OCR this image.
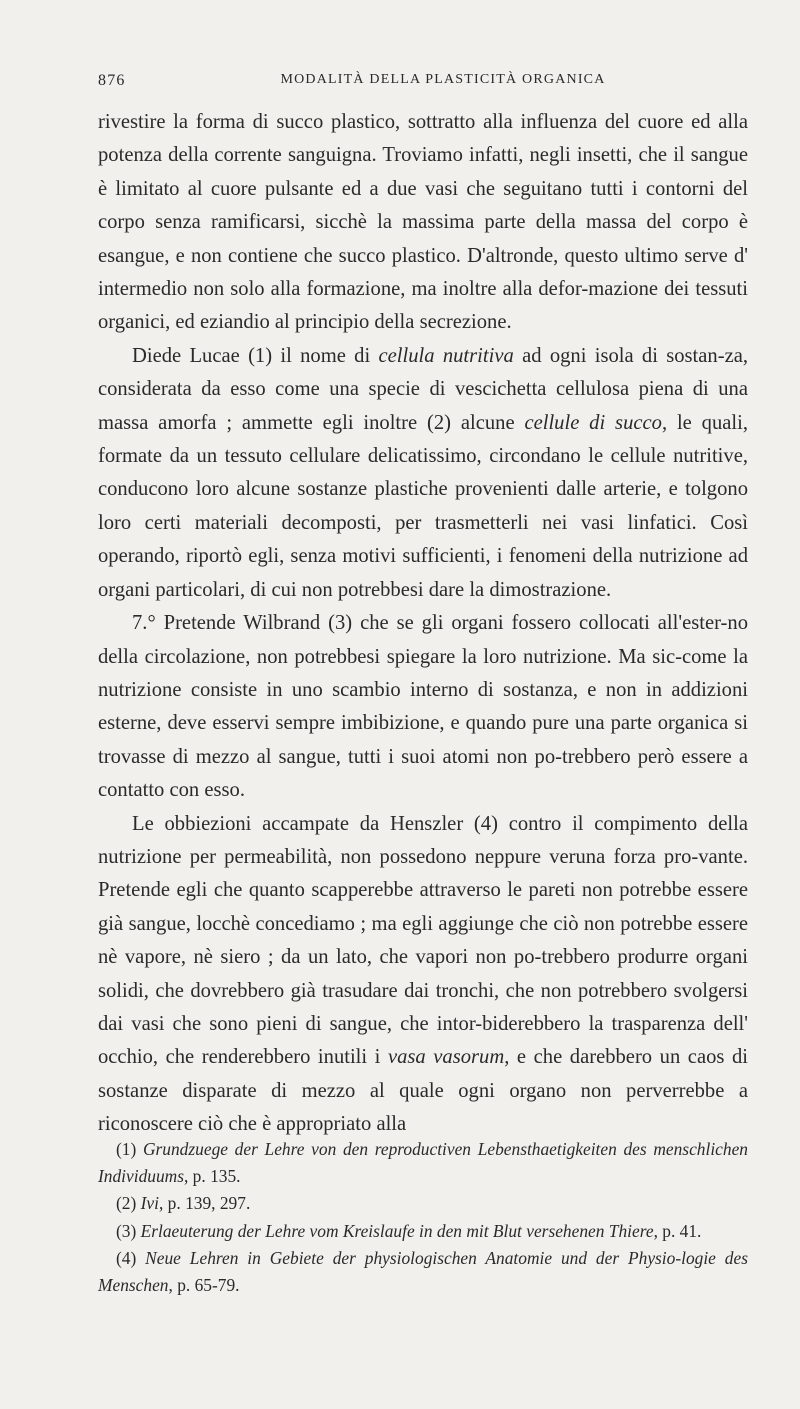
876	MODALITÀ DELLA PLASTICITÀ ORGANICA

rivestire la forma di succo plastico, sottratto alla influenza del cuore ed alla potenza della corrente sanguigna. Troviamo infatti, negli insetti, che il sangue è limitato al cuore pulsante ed a due vasi che seguitano tutti i contorni del corpo senza ramificarsi, sicchè la massima parte della massa del corpo è esangue, e non contiene che succo plastico. D'altronde, questo ultimo serve d' intermedio non solo alla formazione, ma inoltre alla defor-mazione dei tessuti organici, ed eziandio al principio della secrezione.

Diede Lucae (1) il nome di cellula nutritiva ad ogni isola di sostan-za, considerata da esso come una specie di vescichetta cellulosa piena di una massa amorfa ; ammette egli inoltre (2) alcune cellule di succo, le quali, formate da un tessuto cellulare delicatissimo, circondano le cellule nutritive, conducono loro alcune sostanze plastiche provenienti dalle arterie, e tolgono loro certi materiali decomposti, per trasmetterli nei vasi linfatici. Così operando, riportò egli, senza motivi sufficienti, i fenomeni della nutrizione ad organi particolari, di cui non potrebbesi dare la dimostrazione.

7.° Pretende Wilbrand (3) che se gli organi fossero collocati all'ester-no della circolazione, non potrebbesi spiegare la loro nutrizione. Ma sic-come la nutrizione consiste in uno scambio interno di sostanza, e non in addizioni esterne, deve esservi sempre imbibizione, e quando pure una parte organica si trovasse di mezzo al sangue, tutti i suoi atomi non po-trebbero però essere a contatto con esso.

Le obbiezioni accampate da Henszler (4) contro il compimento della nutrizione per permeabilità, non possedono neppure veruna forza pro-vante. Pretende egli che quanto scapperebbe attraverso le pareti non potrebbe essere già sangue, locchè concediamo ; ma egli aggiunge che ciò non potrebbe essere nè vapore, nè siero ; da un lato, che vapori non po-trebbero produrre organi solidi, che dovrebbero già trasudare dai tronchi, che non potrebbero svolgersi dai vasi che sono pieni di sangue, che intor-biderebbero la trasparenza dell' occhio, che renderebbero inutili i vasa vasorum, e che darebbero un caos di sostanze disparate di mezzo al quale ogni organo non perverrebbe a riconoscere ciò che è appropriato alla

(1) Grundzuege der Lehre von den reproductiven Lebensthaetigkeiten des menschlichen Individuums, p. 135.

(2) Ivi, p. 139, 297.

(3) Erlaeuterung der Lehre vom Kreislaufe in den mit Blut versehenen Thiere, p. 41.

(4) Neue Lehren in Gebiete der physiologischen Anatomie und der Physio-logie des Menschen, p. 65-79.
